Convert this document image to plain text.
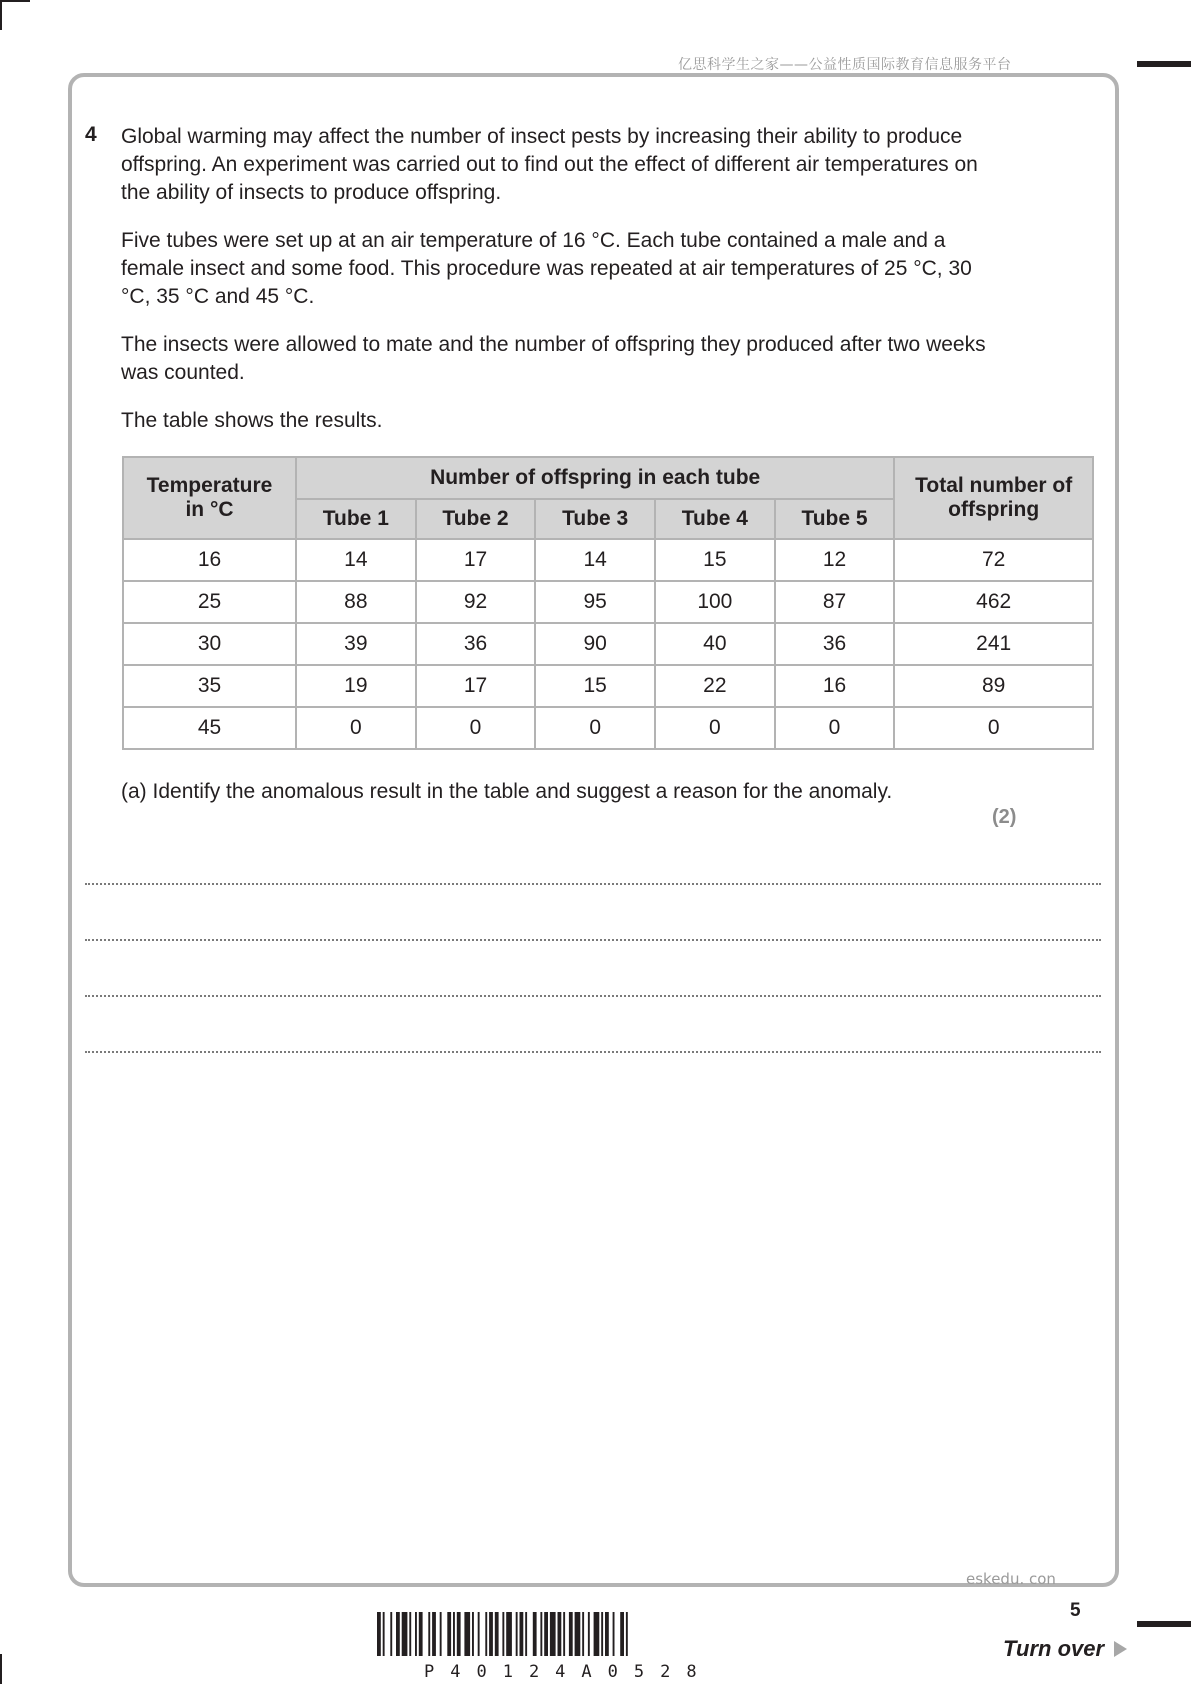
亿思科学生之家——公益性质国际教育信息服务平台
4 Global warming may affect the number of insect pests by increasing their ability to produce offspring. An experiment was carried out to find out the effect of different air temperatures on the ability of insects to produce offspring.

Five tubes were set up at an air temperature of 16 °C. Each tube contained a male and a female insect and some food. This procedure was repeated at air temperatures of 25 °C, 30 °C, 35 °C and 45 °C.

The insects were allowed to mate and the number of offspring they produced after two weeks was counted.

The table shows the results.

Temperature in °C	Number of offspring in each tube					Total number of offspring
	Tube 1	Tube 2	Tube 3	Tube 4	Tube 5	
16	14	17	14	15	12	72
25	88	92	95	100	87	462
30	39	36	90	40	36	241
35	19	17	15	22	16	89
45	0	0	0	0	0	0

(a) Identify the anomalous result in the table and suggest a reason for the anomaly.

(2)
eskedu. con
5
P40124A0528
Turn over
